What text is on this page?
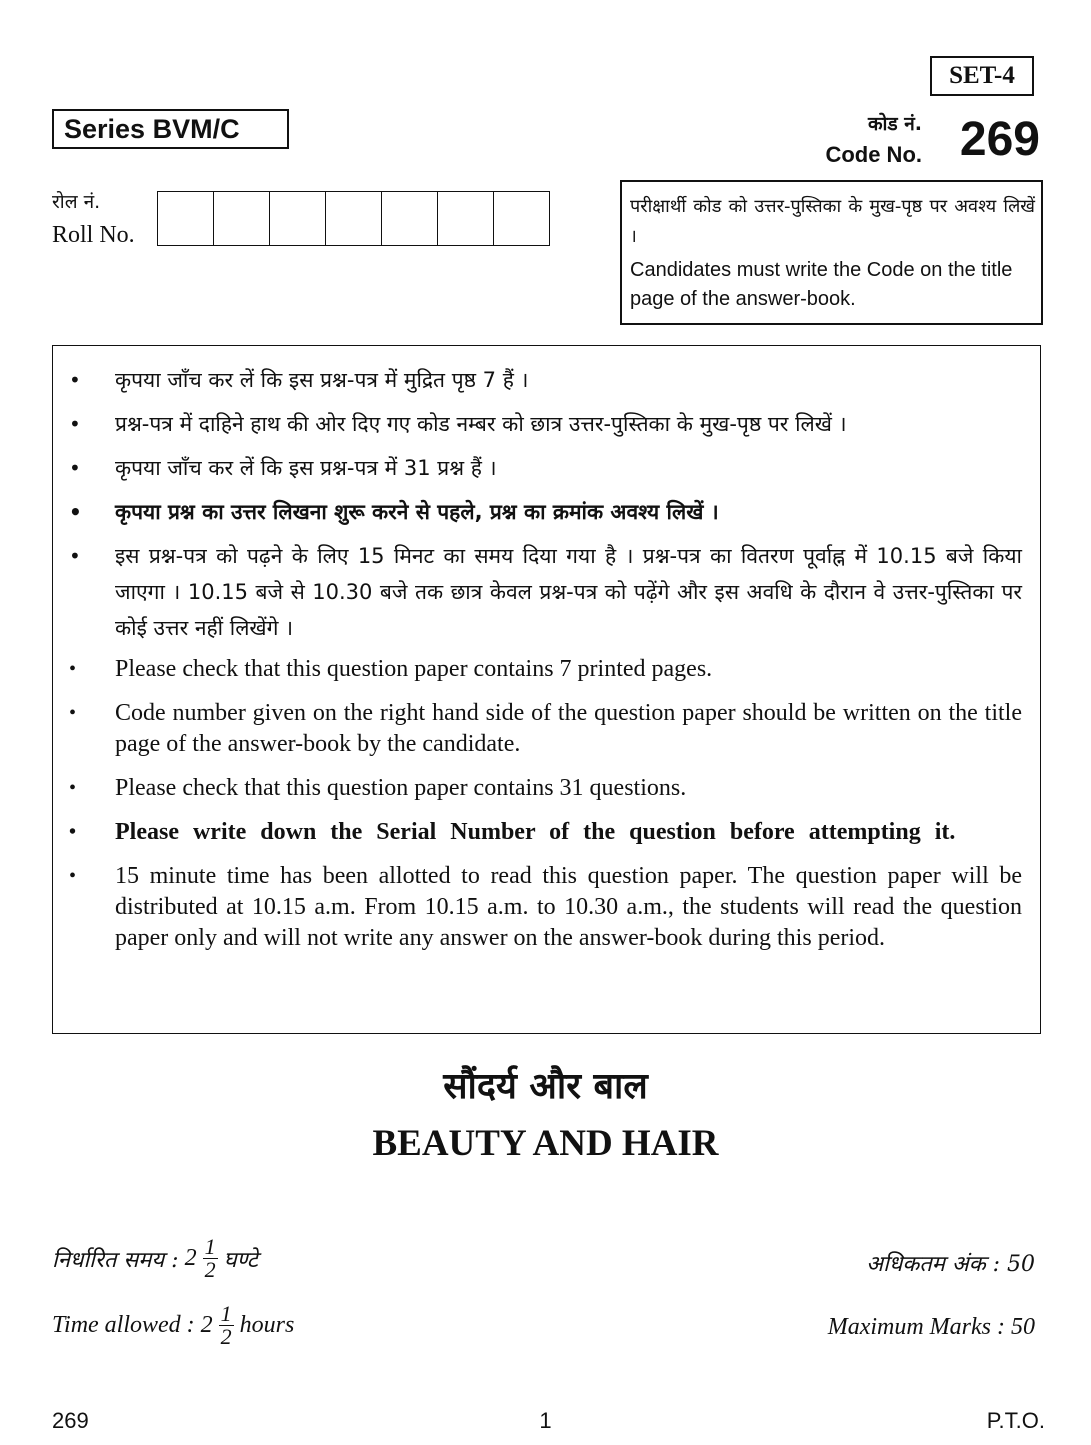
SET-4
Series BVM/C	कोड नं.
Code No. 269
रोल नं.
Roll No.
परीक्षार्थी कोड को उत्तर-पुस्तिका के मुख-पृष्ठ पर अवश्य लिखें ।
Candidates must write the Code on the title page of the answer-book.
• कृपया जाँच कर लें कि इस प्रश्न-पत्र में मुद्रित पृष्ठ 7 हैं ।
• प्रश्न-पत्र में दाहिने हाथ की ओर दिए गए कोड नम्बर को छात्र उत्तर-पुस्तिका के मुख-पृष्ठ पर लिखें ।
• कृपया जाँच कर लें कि इस प्रश्न-पत्र में 31 प्रश्न हैं ।
• कृपया प्रश्न का उत्तर लिखना शुरू करने से पहले, प्रश्न का क्रमांक अवश्य लिखें ।
• इस प्रश्न-पत्र को पढ़ने के लिए 15 मिनट का समय दिया गया है । प्रश्न-पत्र का वितरण पूर्वाह्न में 10.15 बजे किया जाएगा । 10.15 बजे से 10.30 बजे तक छात्र केवल प्रश्न-पत्र को पढ़ेंगे और इस अवधि के दौरान वे उत्तर-पुस्तिका पर कोई उत्तर नहीं लिखेंगे ।
• Please check that this question paper contains 7 printed pages.
• Code number given on the right hand side of the question paper should be written on the title page of the answer-book by the candidate.
• Please check that this question paper contains 31 questions.
• Please write down the Serial Number of the question before attempting it.
• 15 minute time has been allotted to read this question paper. The question paper will be distributed at 10.15 a.m. From 10.15 a.m. to 10.30 a.m., the students will read the question paper only and will not write any answer on the answer-book during this period.
सौंदर्य और बाल
BEAUTY AND HAIR
निर्धारित समय : $2 \frac{1}{2}$ घण्टे
Time allowed : $2 \frac{1}{2}$ hours
अधिकतम अंक : 50
Maximum Marks : 50
269	1	P.T.O.
